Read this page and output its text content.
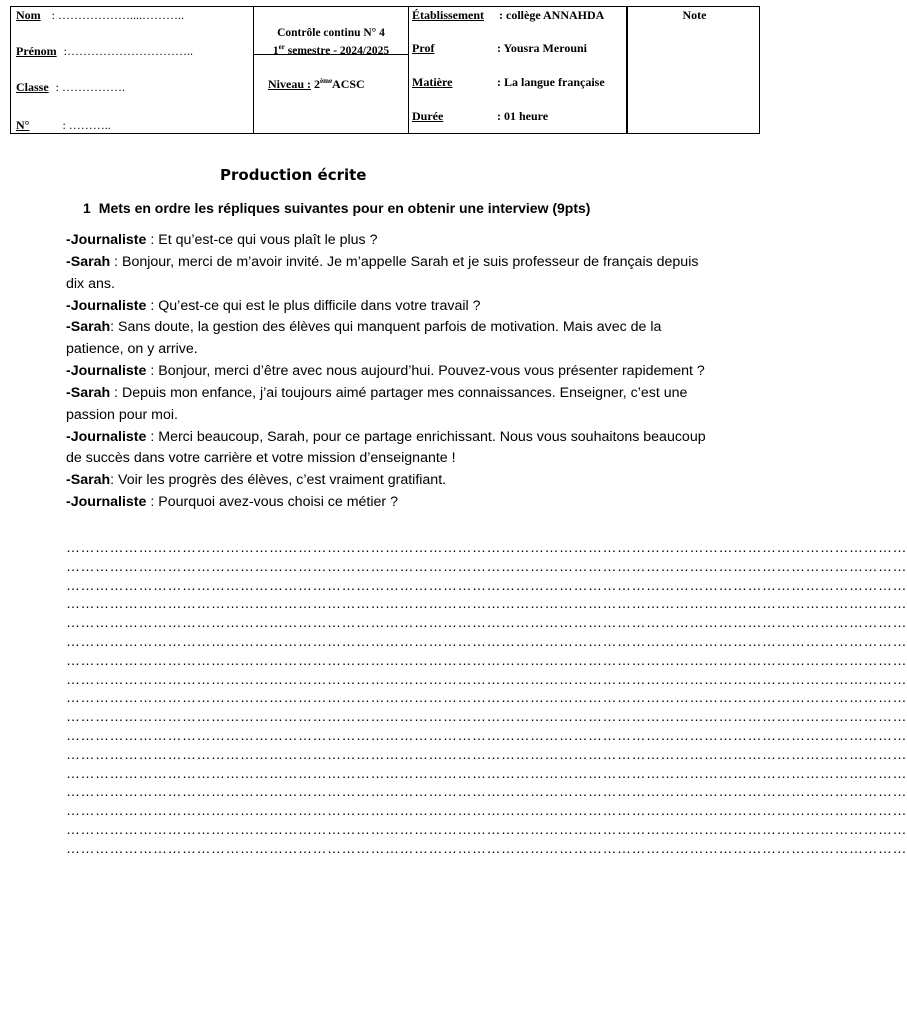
Nom : ………………....………..
Prénom :…………………………..
Classe : …………….
N°	: ………..
Contrôle continu N° 4
1er semestre - 2024/2025
Niveau : 2èmeACSC
Établissement : collège ANNAHDA
Prof	: Yousra Merouni
Matière	: La langue française
Durée	: 01 heure
Note
Production écrite
1 Mets en ordre les répliques suivantes pour en obtenir une interview (9pts)

-Journaliste : Et qu’est-ce qui vous plaît le plus ?

-Sarah : Bonjour, merci de m’avoir invité. Je m’appelle Sarah et je suis professeur de français depuis dix ans.

-Journaliste : Qu’est-ce qui est le plus difficile dans votre travail ?

-Sarah: Sans doute, la gestion des élèves qui manquent parfois de motivation. Mais avec de la patience, on y arrive.

-Journaliste : Bonjour, merci d’être avec nous aujourd’hui. Pouvez-vous vous présenter rapidement ?

-Sarah : Depuis mon enfance, j’ai toujours aimé partager mes connaissances. Enseigner, c’est une passion pour moi.

-Journaliste : Merci beaucoup, Sarah, pour ce partage enrichissant. Nous vous souhaitons beaucoup de succès dans votre carrière et votre mission d’enseignante !

-Sarah: Voir les progrès des élèves, c’est vraiment gratifiant.

-Journaliste : Pourquoi avez-vous choisi ce métier ?

…………………………………………………………………………………………………………………………………………………………
…………………………………………………………………………………………………………………………………………………………
…………………………………………………………………………………………………………………………………………………………
…………………………………………………………………………………………………………………………………………………………
…………………………………………………………………………………………………………………………………………………………
…………………………………………………………………………………………………………………………………………………………
…………………………………………………………………………………………………………………………………………………………
…………………………………………………………………………………………………………………………………………………………
…………………………………………………………………………………………………………………………………………………………
…………………………………………………………………………………………………………………………………………………………
…………………………………………………………………………………………………………………………………………………………
…………………………………………………………………………………………………………………………………………………………
…………………………………………………………………………………………………………………………………………………………
…………………………………………………………………………………………………………………………………………………………
…………………………………………………………………………………………………………………………………………………………
…………………………………………………………………………………………………………………………………………………………
…………………………………………………………………………………………………………………………………………………………
